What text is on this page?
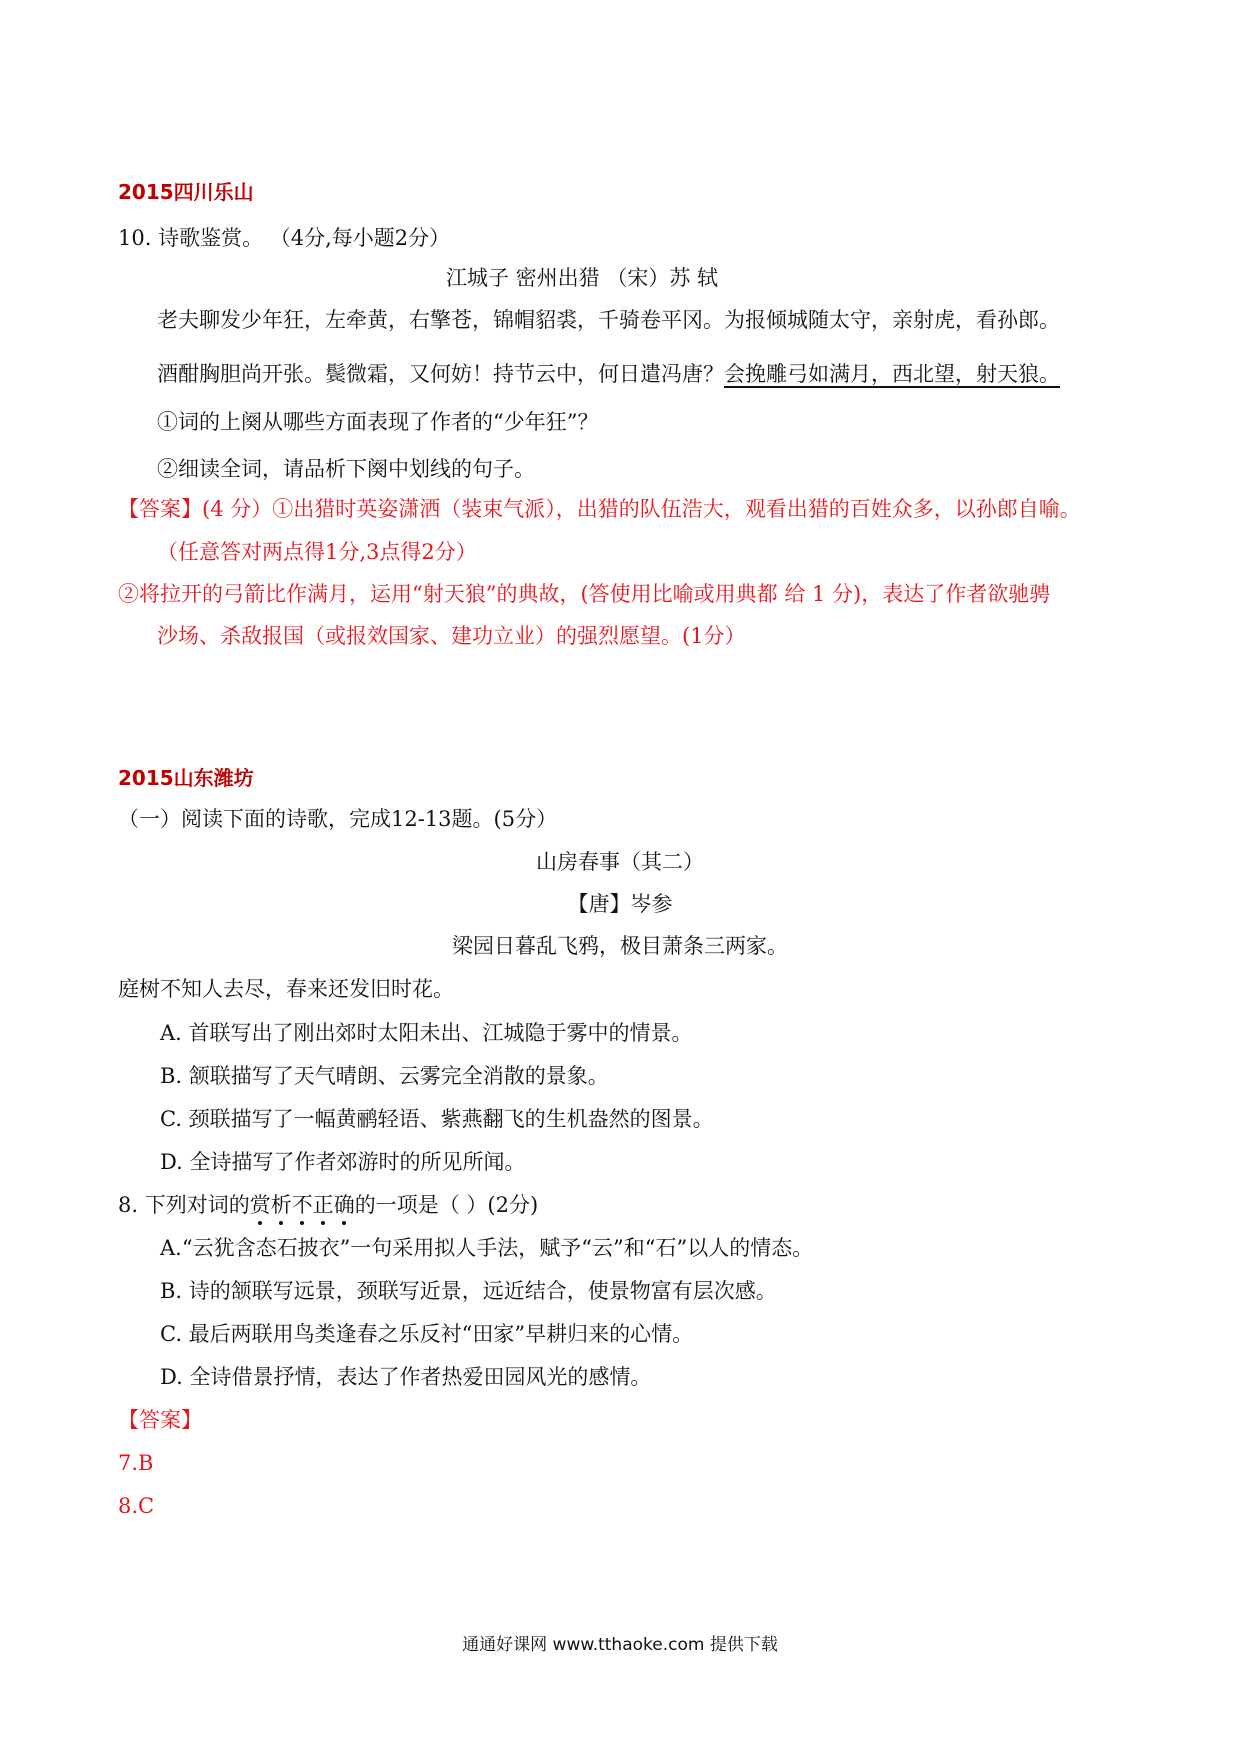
2015四川乐山
10. 诗歌鉴赏。 （4分,每小题2分）
江城子 密州出猎 （宋）苏 轼
老夫聊发少年狂，左牵黄，右擎苍，锦帽貂裘，千骑卷平冈。为报倾城随太守，亲射虎，看孙郎。
酒酣胸胆尚开张。鬓微霜，又何妨！持节云中，何日遣冯唐？会挽雕弓如满月，西北望，射天狼。
①词的上阕从哪些方面表现了作者的“少年狂”？
②细读全词，请品析下阕中划线的句子。
【答案】(4 分）①出猎时英姿潇洒（装束气派），出猎的队伍浩大，观看出猎的百姓众多，以孙郎自喻。
（任意答对两点得1分,3点得2分）
②将拉开的弓箭比作满月，运用“射天狼”的典故，(答使用比喻或用典都 给 1 分)，表达了作者欲驰骋
沙场、杀敌报国（或报效国家、建功立业）的强烈愿望。(1分）
2015山东潍坊
（一）阅读下面的诗歌，完成12-13题。(5分）
山房春事（其二）
【唐】岑参
梁园日暮乱飞鸦，极目萧条三两家。
庭树不知人去尽，春来还发旧时花。
A. 首联写出了刚出郊时太阳未出、江城隐于雾中的情景。
B. 颔联描写了天气晴朗、云雾完全消散的景象。
C. 颈联描写了一幅黄鹂轻语、紫燕翻飞的生机盎然的图景。
D. 全诗描写了作者郊游时的所见所闻。
8. 下列对词的赏析不正确的一项是（ ）(2分)
A.“云犹含态石披衣”一句采用拟人手法，赋予“云”和“石”以人的情态。
B. 诗的颔联写远景，颈联写近景，远近结合，使景物富有层次感。
C. 最后两联用鸟类逢春之乐反衬“田家”早耕归来的心情。
D. 全诗借景抒情，表达了作者热爱田园风光的感情。
【答案】
7.B
8.C
通通好课网 www.tthaoke.com 提供下载
